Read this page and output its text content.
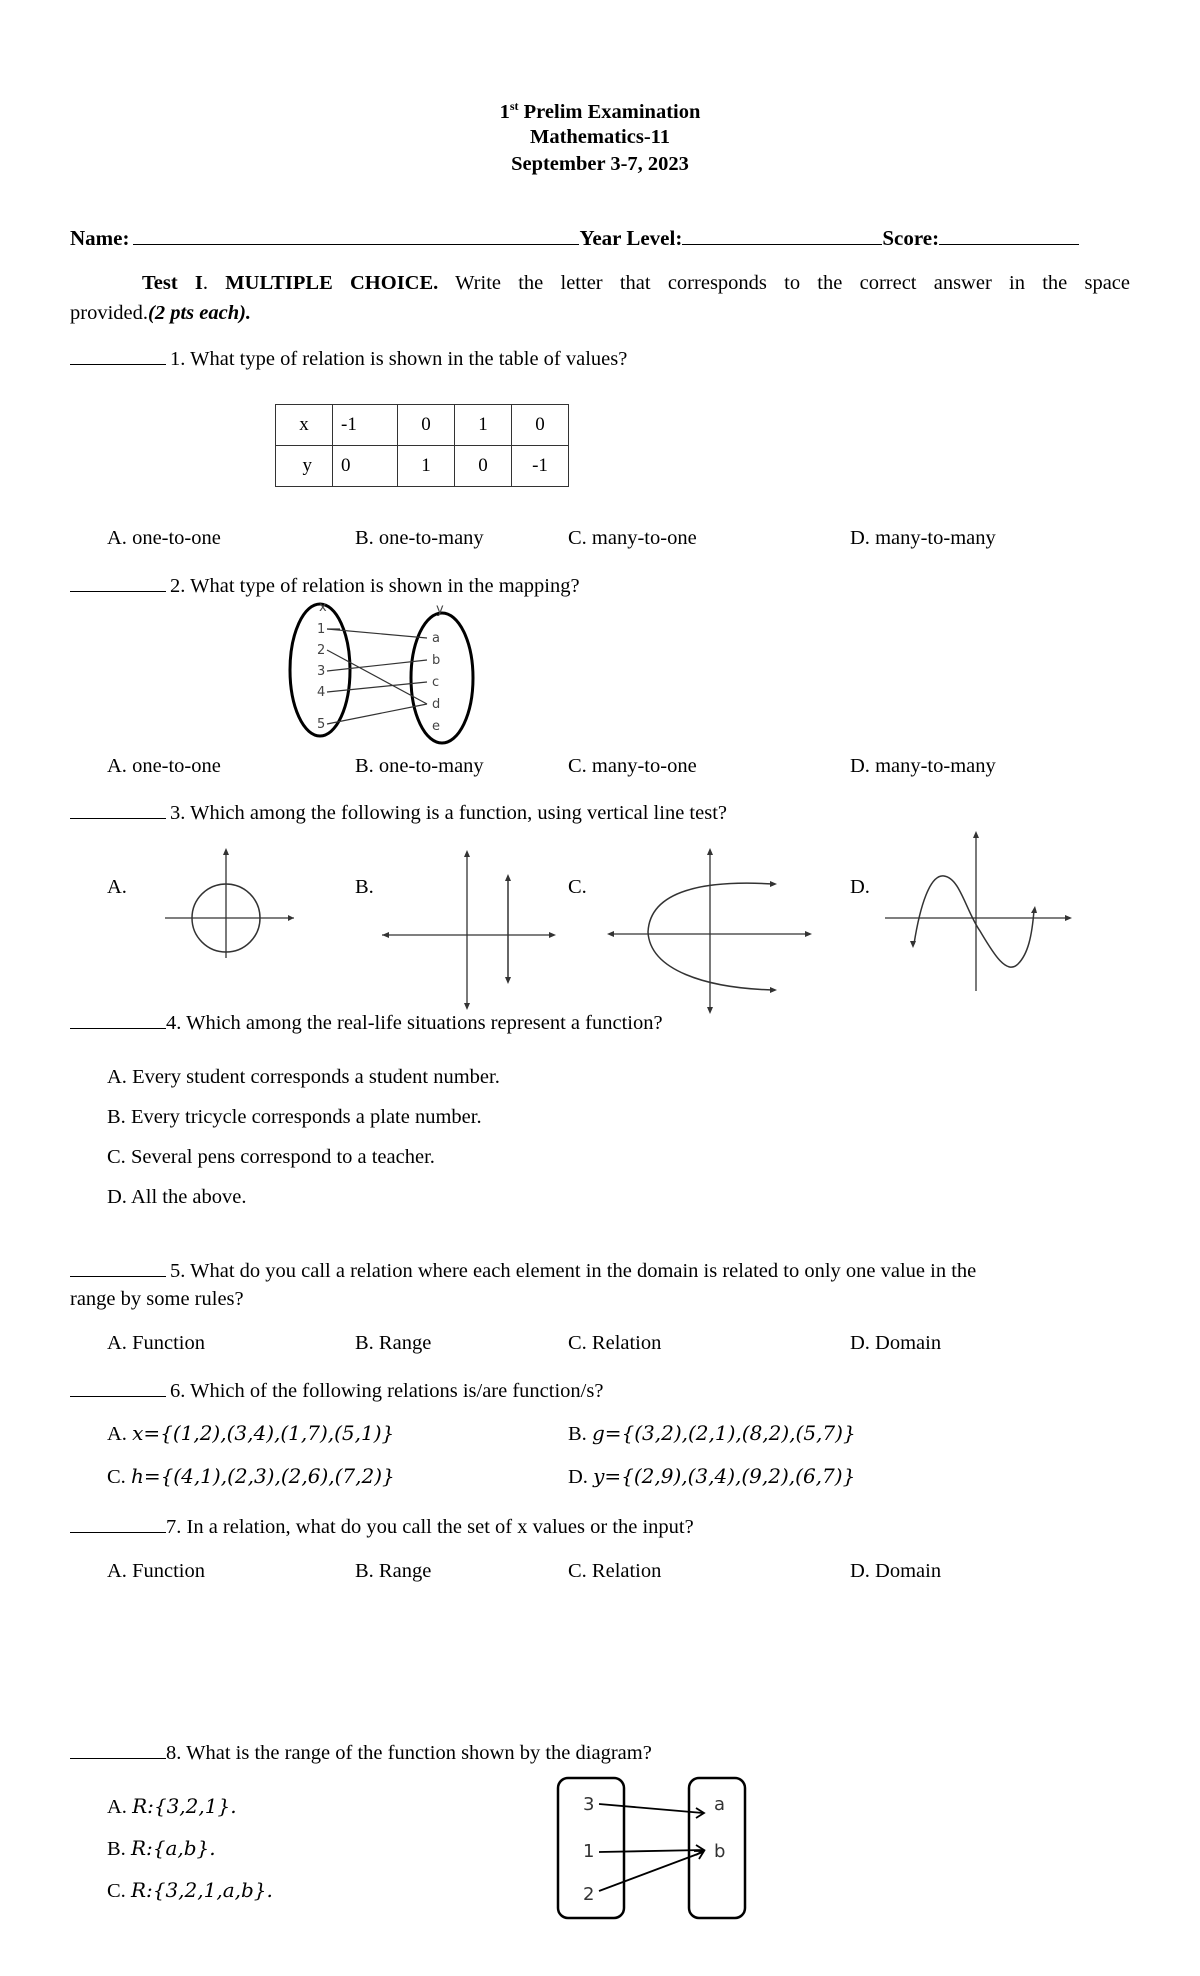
1st Prelim Examination
Mathematics-11
September 3-7, 2023
Name:	Year Level:	Score:
Test I. MULTIPLE CHOICE. Write the letter that corresponds to the correct answer in the space
provided.(2 pts each).
1. What type of relation is shown in the table of values?
x	-1	0	1	0
y	0	1	0	-1
A. one-to-one	B. one-to-many	C. many-to-one	D. many-to-many
2. What type of relation is shown in the mapping?
x	y
1
2
3
4
5
a
b
c
d
e
A. one-to-one	B. one-to-many	C. many-to-one	D. many-to-many
3. Which among the following is a function, using vertical line test?
A.	B.	C.	D.
4. Which among the real-life situations represent a function?
A. Every student corresponds a student number.
B. Every tricycle corresponds a plate number.
C. Several pens correspond to a teacher.
D. All the above.
5. What do you call a relation where each element in the domain is related to only one value in the
range by some rules?
A. Function	B. Range	C. Relation	D. Domain
6. Which of the following relations is/are function/s?
A. x={(1,2),(3,4),(1,7),(5,1)}	B. g={(3,2),(2,1),(8,2),(5,7)}
C. h={(4,1),(2,3),(2,6),(7,2)}	D. y={(2,9),(3,4),(9,2),(6,7)}
7. In a relation, what do you call the set of x values or the input?
A. Function	B. Range	C. Relation	D. Domain
8. What is the range of the function shown by the diagram?
A. R:{3,2,1}.
B. R:{a,b}.
C. R:{3,2,1,a,b}.
3
1
2
a
b
